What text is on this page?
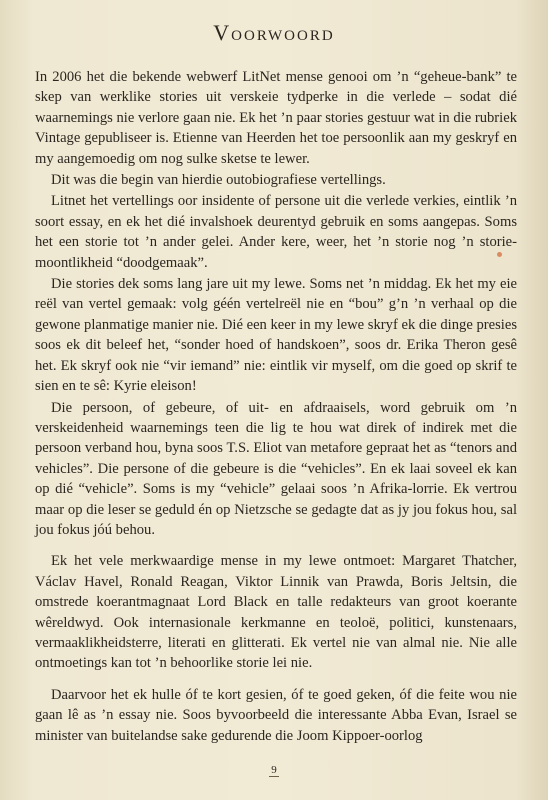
Voorwoord

In 2006 het die bekende webwerf LitNet mense genooi om ’n “geheue-bank” te skep van werklike stories uit verskeie tydperke in die verlede – sodat dié waarnemings nie verlore gaan nie. Ek het ’n paar stories gestuur wat in die rubriek Vintage gepubliseer is. Etienne van Heerden het toe persoonlik aan my geskryf en my aangemoedig om nog sulke sketse te lewer.

Dit was die begin van hierdie outobiografiese vertellings.

Litnet het vertellings oor insidente of persone uit die verlede verkies, eintlik ’n soort essay, en ek het dié invalshoek deurentyd gebruik en soms aangepas. Soms het een storie tot ’n ander gelei. Ander kere, weer, het ’n storie nog ’n storie-moontlikheid “doodgemaak”.

Die stories dek soms lang jare uit my lewe. Soms net ’n middag. Ek het my eie reël van vertel gemaak: volg géén vertelreël nie en “bou” g’n ’n verhaal op die gewone planmatige manier nie. Dié een keer in my lewe skryf ek die dinge presies soos ek dit beleef het, “sonder hoed of handskoen”, soos dr. Erika Theron gesê het. Ek skryf ook nie “vir iemand” nie: eintlik vir myself, om die goed op skrif te sien en te sê: Kyrie eleison!

Die persoon, of gebeure, of uit- en afdraaisels, word gebruik om ’n verskeidenheid waarnemings teen die lig te hou wat direk of indirek met die persoon verband hou, byna soos T.S. Eliot van metafore gepraat het as “tenors and vehicles”. Die persone of die gebeure is die “vehicles”. En ek laai soveel ek kan op dié “vehicle”. Soms is my “vehicle” gelaai soos ’n Afrika-lorrie. Ek vertrou maar op die leser se geduld én op Nietzsche se gedagte dat as jy jou fokus hou, sal jou fokus jóú behou.

Ek het vele merkwaardige mense in my lewe ontmoet: Margaret Thatcher, Václav Havel, Ronald Reagan, Viktor Linnik van Prawda, Boris Jeltsin, die omstrede koerantmagnaat Lord Black en talle redakteurs van groot koerante wêreldwyd. Ook internasionale kerkmanne en teoloë, politici, kunstenaars, vermaaklikheidsterre, literati en glitterati. Ek vertel nie van almal nie. Nie alle ontmoetings kan tot ’n behoorlike storie lei nie.

Daarvoor het ek hulle óf te kort gesien, óf te goed geken, óf die feite wou nie gaan lê as ’n essay nie. Soos byvoorbeeld die interessante Abba Evan, Israel se minister van buitelandse sake gedurende die Joom Kippoer-oorlog

9
